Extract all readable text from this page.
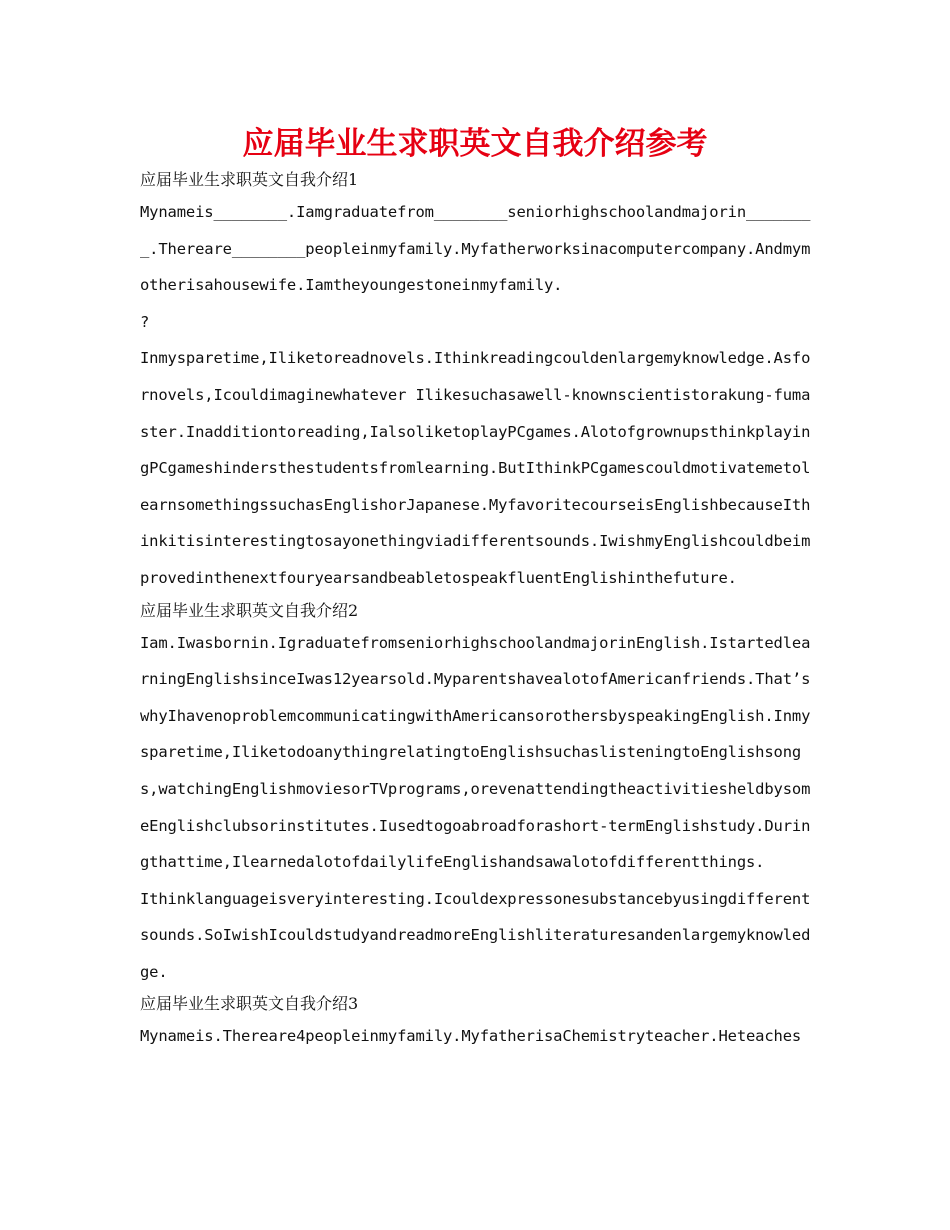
应届毕业生求职英文自我介绍参考

应届毕业生求职英文自我介绍1

Mynameis________.Iamgraduatefrom________seniorhighschoolandmajorin________.Thereare________peopleinmyfamily.Myfatherworksinacomputercompany.Andmymotherisahousewife.Iamtheyoungestoneinmyfamily.

?

Inmysparetime,Iliketoreadnovels.Ithinkreadingcouldenlargemyknowledge.Asfornovels,Icouldimaginewhatever Ilikesuchasawell-knownscientistorakung-fumaster.Inadditiontoreading,IalsoliketoplayPCgames.AlotofgrownupsthinkplayingPCgameshindersthestudentsfromlearning.ButIthinkPCgamescouldmotivatemetolearnsomethingssuchasEnglishorJapanese.MyfavoritecourseisEnglishbecauseIthinkitisinterestingtosayonethingviadifferentsounds.IwishmyEnglishcouldbeimprovedinthenextfouryearsandbeabletospeakfluentEnglishinthefuture.

应届毕业生求职英文自我介绍2

Iam.Iwasbornin.IgraduatefromseniorhighschoolandmajorinEnglish.IstartedlearningEnglishsinceIwas12yearsold.MyparentshavealotofAmericanfriends.That’swhyIhavenoproblemcommunicatingwithAmericansorothersbyspeakingEnglish.Inmysparetime,IliketodoanythingrelatingtoEnglishsuchaslisteningtoEnglishsongs,watchingEnglishmoviesorTVprograms,orevenattendingtheactivitiesheldbysomeEnglishclubsorinstitutes.Iusedtogoabroadforashort-termEnglishstudy.Duringthattime,IlearnedalotofdailylifeEnglishandsawalotofdifferentthings.

Ithinklanguageisveryinteresting.Icouldexpressonesubstancebyusingdifferentsounds.SoIwishIcouldstudyandreadmoreEnglishliteraturesandenlargemyknowledge.

应届毕业生求职英文自我介绍3

Mynameis.Thereare4peopleinmyfamily.MyfatherisaChemistryteacher.Heteaches
